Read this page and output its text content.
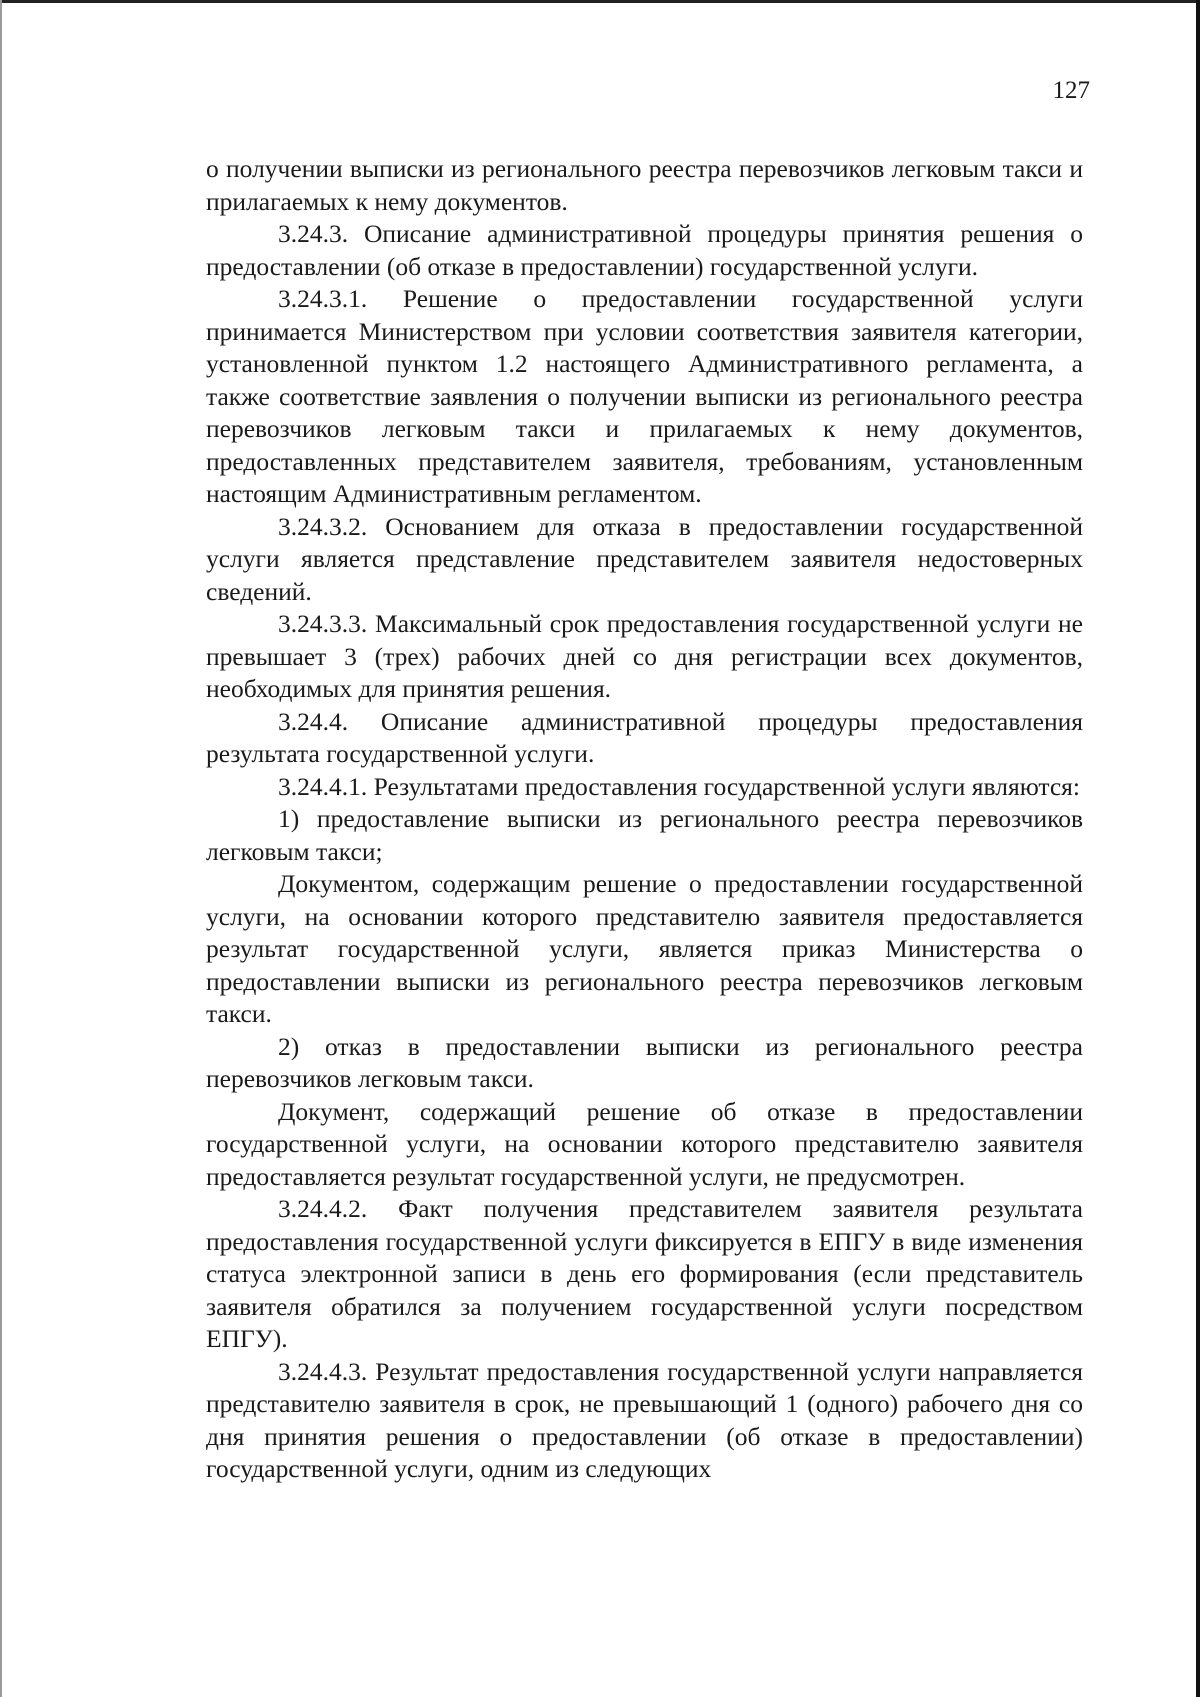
127

о получении выписки из регионального реестра перевозчиков легковым такси и прилагаемых к нему документов.

3.24.3. Описание административной процедуры принятия решения о предоставлении (об отказе в предоставлении) государственной услуги.

3.24.3.1. Решение о предоставлении государственной услуги принимается Министерством при условии соответствия заявителя категории, установленной пунктом 1.2 настоящего Административного регламента, а также соответствие заявления о получении выписки из регионального реестра перевозчиков легковым такси и прилагаемых к нему документов, предоставленных представителем заявителя, требованиям, установленным настоящим Административным регламентом.

3.24.3.2. Основанием для отказа в предоставлении государственной услуги является представление представителем заявителя недостоверных сведений.

3.24.3.3. Максимальный срок предоставления государственной услуги не превышает 3 (трех) рабочих дней со дня регистрации всех документов, необходимых для принятия решения.

3.24.4. Описание административной процедуры предоставления результата государственной услуги.

3.24.4.1. Результатами предоставления государственной услуги являются:

1) предоставление выписки из регионального реестра перевозчиков легковым такси;

Документом, содержащим решение о предоставлении государственной услуги, на основании которого представителю заявителя предоставляется результат государственной услуги, является приказ Министерства о предоставлении выписки из регионального реестра перевозчиков легковым такси.

2) отказ в предоставлении выписки из регионального реестра перевозчиков легковым такси.

Документ, содержащий решение об отказе в предоставлении государственной услуги, на основании которого представителю заявителя предоставляется результат государственной услуги, не предусмотрен.

3.24.4.2. Факт получения представителем заявителя результата предоставления государственной услуги фиксируется в ЕПГУ в виде изменения статуса электронной записи в день его формирования (если представитель заявителя обратился за получением государственной услуги посредством ЕПГУ).

3.24.4.3. Результат предоставления государственной услуги направляется представителю заявителя в срок, не превышающий 1 (одного) рабочего дня со дня принятия решения о предоставлении (об отказе в предоставлении) государственной услуги, одним из следующих
